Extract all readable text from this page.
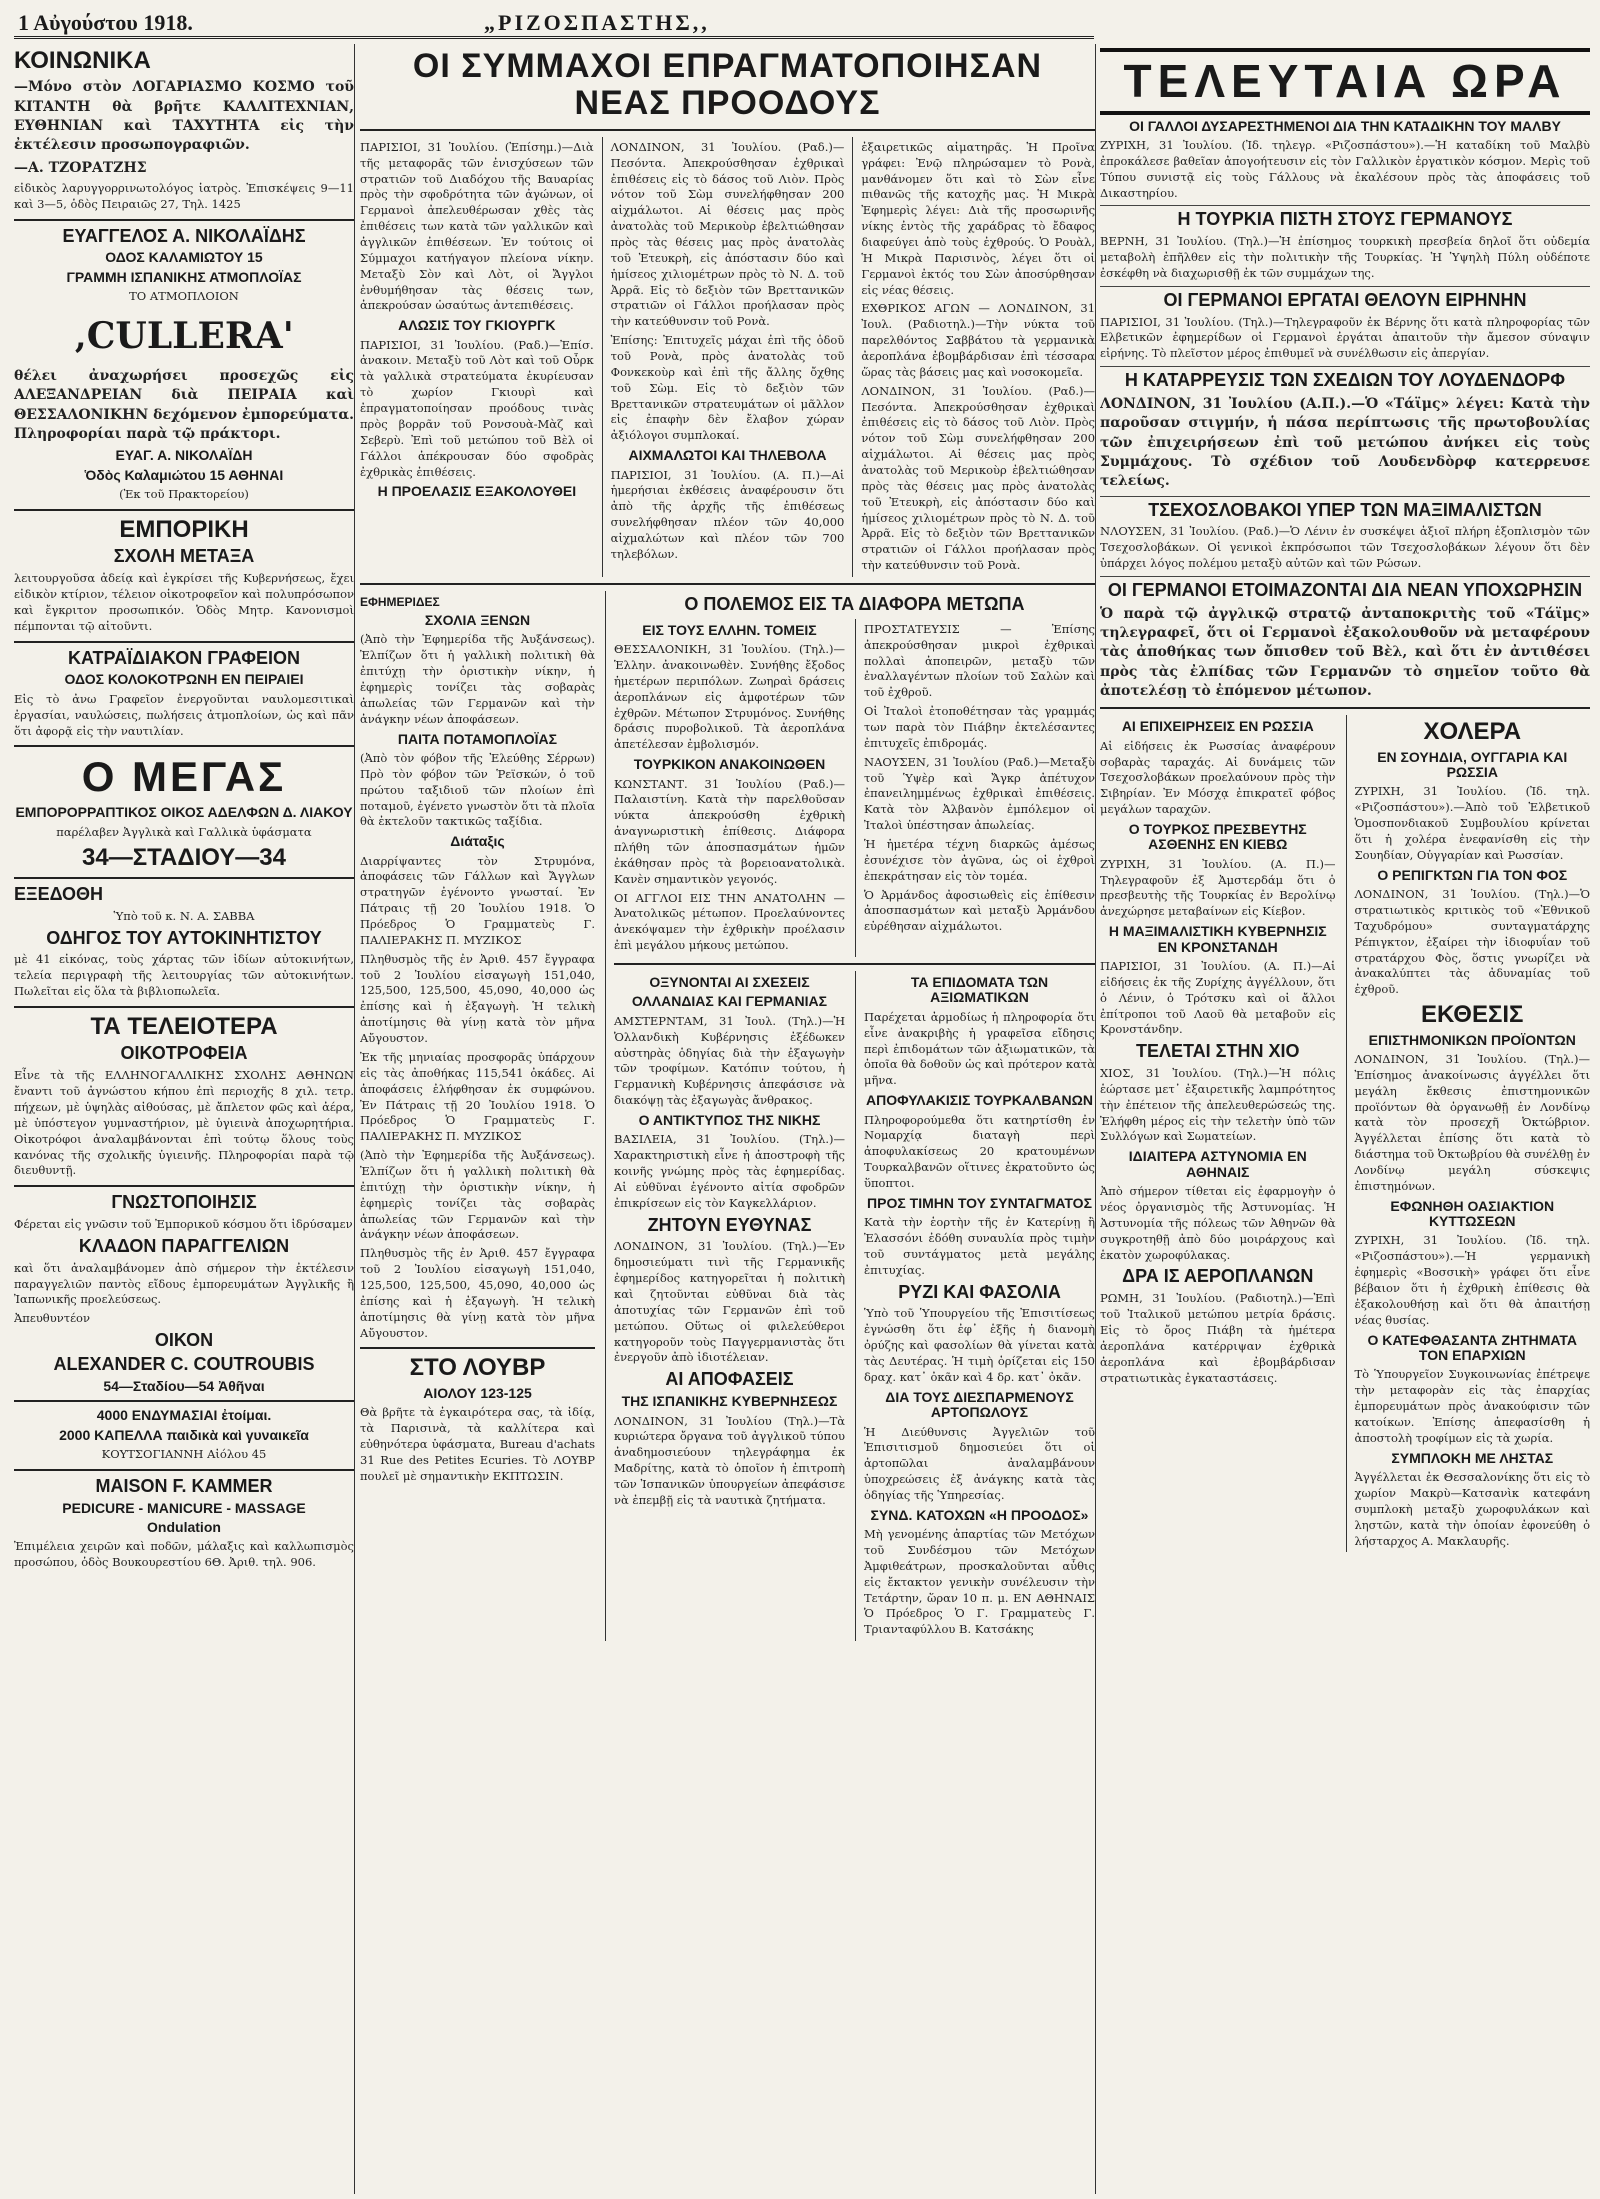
1 Αὐγούστου 1918.	„ΡΙΖΟΣΠΑΣΤΗΣ,,
ΚΟΙΝΩΝΙΚΑ
—Μόνο στὸν ΛΟΓΑΡΙΑΣΜΟ ΚΟΣΜΟ τοῦ ΚΙΤΑΝΤΗ θὰ βρῆτε ΚΑΛΛΙΤΕΧΝΙΑΝ, ΕΥΘΗΝΙΑΝ καὶ ΤΑΧΥΤΗΤΑ εἰς τὴν ἐκτέλεσιν προσωπογραφιῶν.
—Α. ΤΖΟΡΑΤΖΗΣ
εἰδικὸς λαρυγγορρινωτολόγος ἰατρὸς. Ἐπισκέψεις 9—11 καὶ 3—5, ὁδὸς Πειραιῶς 27, Τηλ. 1425
ΕΥΑΓΓΕΛΟΣ Α. ΝΙΚΟΛΑΪΔΗΣ
ΟΔΟΣ ΚΑΛΑΜΙΩΤΟΥ 15
ΓΡΑΜΜΗ ΙΣΠΑΝΙΚΗΣ ΑΤΜΟΠΛΟΪΑΣ
ΤΟ ΑΤΜΟΠΛΟΙΟΝ
‚CULLERA'
θέλει ἀναχωρήσει προσεχῶς εἰς ΑΛΕΞΑΝΔΡΕΙΑΝ διὰ ΠΕΙΡΑΙΑ καὶ ΘΕΣΣΑΛΟΝΙΚΗΝ δεχόμενον ἐμπορεύματα. Πληροφορίαι παρὰ τῷ πράκτορι.
ΕΥΑΓ. Α. ΝΙΚΟΛΑΪΔΗ
Ὁδὸς Καλαμιώτου 15 ΑΘΗΝΑΙ
(Ἐκ τοῦ Πρακτορείου)
ΕΜΠΟΡΙΚΗ
ΣΧΟΛΗ ΜΕΤΑΞΑ
λειτουργοῦσα ἀδείᾳ καὶ ἐγκρίσει τῆς Κυβερνήσεως, ἔχει εἰδικὸν κτίριον, τέλειον οἰκοτροφεῖον καὶ πολυπρόσωπον καὶ ἔγκριτον προσωπικόν. Ὁδὸς Μητρ. Κανονισμοὶ πέμπονται τῷ αἰτοῦντι.
ΚΑΤΡΑΪΔΙΑΚΟΝ ΓΡΑΦΕΙΟΝ
ΟΔΟΣ ΚΟΛΟΚΟΤΡΩΝΗ ΕΝ ΠΕΙΡΑΙΕΙ
Εἰς τὸ ἀνω Γραφεῖον ἐνεργοῦνται ναυλομεσιτικαὶ ἐργασίαι, ναυλώσεις, πωλήσεις ἀτμοπλοίων, ὡς καὶ πᾶν ὅτι ἀφορᾷ εἰς τὴν ναυτιλίαν.
Ο ΜΕΓΑΣ
ΕΜΠΟΡΟΡΡΑΠΤΙΚΟΣ ΟΙΚΟΣ ΑΔΕΛΦΩΝ Δ. ΛΙΑΚΟΥ
παρέλαβεν Ἀγγλικὰ καὶ Γαλλικὰ ὑφάσματα
34—ΣΤΑΔΙΟΥ—34
ΕΞΕΔΟΘΗ
Ὑπὸ τοῦ κ. Ν. Α. ΣΑΒΒΑ
ΟΔΗΓΟΣ ΤΟΥ ΑΥΤΟΚΙΝΗΤΙΣΤΟΥ
μὲ 41 εἰκόνας, τοὺς χάρτας τῶν ἰδίων αὐτοκινήτων, τελεία περιγραφὴ τῆς λειτουργίας τῶν αὐτοκινήτων. Πωλεῖται εἰς ὅλα τὰ βιβλιοπωλεῖα.
ΤΑ ΤΕΛΕΙΟΤΕΡΑ
ΟΙΚΟΤΡΟΦΕΙΑ
Εἶνε τὰ τῆς ΕΛΛΗΝΟΓΑΛΛΙΚΗΣ ΣΧΟΛΗΣ ΑΘΗΝΩΝ ἔναντι τοῦ ἀγνώστου κήπου ἐπὶ περιοχῆς 8 χιλ. τετρ. πήχεων, μὲ ὑψηλὰς αἰθούσας, μὲ ἄπλετον φῶς καὶ ἀέρα, μὲ ὑπόστεγον γυμναστήριον, μὲ ὑγιεινὰ ἀποχωρητήρια. Οἰκοτρόφοι ἀναλαμβάνονται ἐπὶ τούτῳ ὅλους τοὺς κανόνας τῆς σχολικῆς ὑγιεινῆς. Πληροφορίαι παρὰ τῷ διευθυντῇ.
ΓΝΩΣΤΟΠΟΙΗΣΙΣ
Φέρεται εἰς γνῶσιν τοῦ Ἐμπορικοῦ κόσμου ὅτι ἱδρύσαμεν
ΚΛΑΔΟΝ ΠΑΡΑΓΓΕΛΙΩΝ
καὶ ὅτι ἀναλαμβάνομεν ἀπὸ σήμερον τὴν ἐκτέλεσιν παραγγελιῶν παντὸς εἴδους ἐμπορευμάτων Ἀγγλικῆς ἢ Ἰαπωνικῆς προελεύσεως.
Ἀπευθυντέον
ΟΙΚΟΝ
ALEXANDER C. COUTROUBIS
54—Σταδίου—54 Ἀθῆναι
4000 ΕΝΔΥΜΑΣΙΑΙ ἐτοίμαι.
2000 ΚΑΠΕΛΛΑ παιδικὰ καὶ γυναικεῖα
ΚΟΥΤΣΟΓΙΑΝΝΗ Αἰόλου 45
MAISON F. KAMMER
PEDICURE - MANICURE - MASSAGE
Ondulation
Ἐπιμέλεια χειρῶν καὶ ποδῶν, μάλαξις καὶ καλλωπισμὸς προσώπου, ὁδὸς Βουκουρεστίου 6Θ. Ἀριθ. τηλ. 906.
ΟΙ ΣΥΜΜΑΧΟΙ ΕΠΡΑΓΜΑΤΟΠΟΙΗΣΑΝ ΝΕΑΣ ΠΡΟΟΔΟΥΣ
ΠΑΡΙΣΙΟΙ, 31 Ἰουλίου. (Ἐπίσημ.)—Διὰ τῆς μεταφορᾶς τῶν ἐνισχύσεων τῶν στρατιῶν τοῦ Διαδόχου τῆς Βαυαρίας πρὸς τὴν σφοδρότητα τῶν ἀγώνων, οἱ Γερμανοὶ ἀπελευθέρωσαν χθὲς τὰς ἐπιθέσεις των κατὰ τῶν γαλλικῶν καὶ ἀγγλικῶν ἐπιθέσεων. Ἐν τούτοις οἱ Σύμμαχοι κατήγαγον πλείονα νίκην. Μεταξὺ Σὸν καὶ Λὸτ, οἱ Ἄγγλοι ἐνθυμήθησαν τὰς θέσεις των, ἀπεκρούσαν ὡσαύτως ἀντεπιθέσεις.
ΑΛΩΣΙΣ ΤΟΥ ΓΚΙΟΥΡΓΚ
ΠΑΡΙΣΙΟΙ, 31 Ἰουλίου. (Ραδ.)—Ἐπίσ. ἀνακοιν. Μεταξὺ τοῦ Λὸτ καὶ τοῦ Οὖρκ τὰ γαλλικὰ στρατεύματα ἐκυρίευσαν τὸ χωρίον Γκιουρὶ καὶ ἐπραγματοποίησαν προόδους τινὰς πρὸς βορρᾶν τοῦ Ρονσουὰ-Μὰζ καὶ Σεβερὺ. Ἐπὶ τοῦ μετώπου τοῦ Βὲλ οἱ Γάλλοι ἀπέκρουσαν δύο σφοδρὰς ἐχθρικὰς ἐπιθέσεις.
Η ΠΡΟΕΛΑΣΙΣ ΕΞΑΚΟΛΟΥΘΕΙ
ΛΟΝΔΙΝΟΝ, 31 Ἰουλίου. (Ραδ.)—Πεσόντα. Ἀπεκρούσθησαν ἐχθρικαὶ ἐπιθέσεις εἰς τὸ δάσος τοῦ Λιὸν. Πρὸς νότον τοῦ Σὼμ συνελήφθησαν 200 αἰχμάλωτοι. Αἱ θέσεις μας πρὸς ἀνατολὰς τοῦ Μερικοὺρ ἐβελτιώθησαν πρὸς τὰς θέσεις μας πρὸς ἀνατολὰς τοῦ Ἐτευκρὴ, εἰς ἀπόστασιν δύο καὶ ἡμίσεος χιλιομέτρων πρὸς τὸ Ν. Δ. τοῦ Ἀρρᾶ. Εἰς τὸ δεξιὸν τῶν Βρεττανικῶν στρατιῶν οἱ Γάλλοι προήλασαν πρὸς τὴν κατεύθυνσιν τοῦ Ρονὰ.
Ἐπίσης: Ἐπιτυχεῖς μάχαι ἐπὶ τῆς ὁδοῦ τοῦ Ρονὰ, πρὸς ἀνατολὰς τοῦ Φονκεκοὺρ καὶ ἐπὶ τῆς ἄλλης ὄχθης τοῦ Σὼμ. Εἰς τὸ δεξιὸν τῶν Βρεττανικῶν στρατευμάτων οἱ μᾶλλον εἰς ἐπαφὴν δὲν ἔλαβον χώραν ἀξιόλογοι συμπλοκαί.
ΑΙΧΜΑΛΩΤΟΙ ΚΑΙ ΤΗΛΕΒΟΛΑ
ΠΑΡΙΣΙΟΙ, 31 Ἰουλίου. (Α. Π.)—Αἱ ἡμερήσιαι ἐκθέσεις ἀναφέρουσιν ὅτι ἀπὸ τῆς ἀρχῆς τῆς ἐπιθέσεως συνελήφθησαν πλέον τῶν 40,000 αἰχμαλώτων καὶ πλέον τῶν 700 τηλεβόλων.
ἐξαιρετικῶς αἱματηρᾶς. Ἡ Προῖνα γράφει: Ἐνῷ πληρώσαμεν τὸ Ρονὰ, μανθάνομεν ὅτι καὶ τὸ Σὼν εἶνε πιθανῶς τῆς κατοχῆς μας. Ἡ Μικρὰ Ἐφημερὶς λέγει: Διὰ τῆς προσωρινῆς νίκης ἐντὸς τῆς χαράδρας τὸ ἔδαφος διαφεύγει ἀπὸ τοὺς ἐχθρούς. Ὁ Ρουὰλ, Ἡ Μικρὰ Παρισινὸς, λέγει ὅτι οἱ Γερμανοὶ ἐκτός του Σὼν ἀποσύρθησαν εἰς νέας θέσεις.
ΕΧΘΡΙΚΟΣ ΑΓΩΝ — ΛΟΝΔΙΝΟΝ, 31 Ἰουλ. (Ραδιοτηλ.)—Τὴν νύκτα τοῦ παρελθόντος Σαββάτου τὰ γερμανικὰ ἀεροπλάνα ἐβομβάρδισαν ἐπὶ τέσσαρα ὥρας τὰς βάσεις μας καὶ νοσοκομεῖα.
ΛΟΝΔΙΝΟΝ, 31 Ἰουλίου. (Ραδ.)—Πεσόντα. Ἀπεκρούσθησαν ἐχθρικαὶ ἐπιθέσεις εἰς τὸ δάσος τοῦ Λιὸν. Πρὸς νότον τοῦ Σὼμ συνελήφθησαν 200 αἰχμάλωτοι. Αἱ θέσεις μας πρὸς ἀνατολὰς τοῦ Μερικοὺρ ἐβελτιώθησαν πρὸς τὰς θέσεις μας πρὸς ἀνατολὰς τοῦ Ἐτευκρὴ, εἰς ἀπόστασιν δύο καὶ ἡμίσεος χιλιομέτρων πρὸς τὸ Ν. Δ. τοῦ Ἀρρᾶ. Εἰς τὸ δεξιὸν τῶν Βρεττανικῶν στρατιῶν οἱ Γάλλοι προήλασαν πρὸς τὴν κατεύθυνσιν τοῦ Ρονὰ.
ΕΦΗΜΕΡΙΔΕΣ
ΣΧΟΛΙΑ ΞΕΝΩΝ
(Ἀπὸ τὴν Ἐφημερίδα τῆς Ἀυξάνσεως). Ἐλπίζων ὅτι ἡ γαλλικὴ πολιτικὴ θὰ ἐπιτύχῃ τὴν ὁριστικὴν νίκην, ἡ ἐφημερὶς τονίζει τὰς σοβαρὰς ἀπωλείας τῶν Γερμανῶν καὶ τὴν ἀνάγκην νέων ἀποφάσεων.
ΠΑΙΤΑ ΠΟΤΑΜΟΠΛΟΪΑΣ
(Ἀπὸ τὸν φόβον τῆς Ἐλεύθης Σέρρων) Πρὸ τὸν φόβον τῶν Ῥεϊσκών, ὁ τοῦ πρώτου ταξιδιοῦ τῶν πλοίων ἐπὶ ποταμοῦ, ἐγένετο γνωστὸν ὅτι τὰ πλοῖα θὰ ἐκτελοῦν τακτικῶς ταξίδια.
Διάταξις
Διαρρίψαντες τὸν Στρυμόνα, ἀποφάσεις τῶν Γάλλων καὶ Ἄγγλων στρατηγῶν ἐγένοντο γνωσταί. Ἐν Πάτραις τῇ 20 Ἰουλίου 1918. Ὁ Πρόεδρος Ὁ Γραμματεὺς Γ. ΠΑΛΙΕΡΑΚΗΣ Π. ΜΥΖΙΚΟΣ
Πληθυσμὸς τῆς ἐν Ἀριθ. 457 ἔγγραφα τοῦ 2 Ἰουλίου εἰσαγωγὴ 151,040, 125,500, 125,500, 45,090, 40,000 ὡς ἐπίσης καὶ ἡ ἐξαγωγὴ. Ἡ τελικὴ ἀποτίμησις θὰ γίνῃ κατὰ τὸν μῆνα Αὔγουστον.
Ἐκ τῆς μηνιαίας προσφορᾶς ὑπάρχουν εἰς τὰς ἀποθήκας 115,541 ὀκάδες. Αἱ ἀποφάσεις ἐλήφθησαν ἐκ συμφώνου. Ἐν Πάτραις τῇ 20 Ἰουλίου 1918. Ὁ Πρόεδρος Ὁ Γραμματεὺς Γ. ΠΑΛΙΕΡΑΚΗΣ Π. ΜΥΖΙΚΟΣ
(Ἀπὸ τὴν Ἐφημερίδα τῆς Ἀυξάνσεως). Ἐλπίζων ὅτι ἡ γαλλικὴ πολιτικὴ θὰ ἐπιτύχῃ τὴν ὁριστικὴν νίκην, ἡ ἐφημερὶς τονίζει τὰς σοβαρὰς ἀπωλείας τῶν Γερμανῶν καὶ τὴν ἀνάγκην νέων ἀποφάσεων.
Πληθυσμὸς τῆς ἐν Ἀριθ. 457 ἔγγραφα τοῦ 2 Ἰουλίου εἰσαγωγὴ 151,040, 125,500, 125,500, 45,090, 40,000 ὡς ἐπίσης καὶ ἡ ἐξαγωγὴ. Ἡ τελικὴ ἀποτίμησις θὰ γίνῃ κατὰ τὸν μῆνα Αὔγουστον.
ΣΤΟ ΛΟΥΒΡ
ΑΙΟΛΟΥ 123-125
Θὰ βρῆτε τὰ ἐγκαιρότερα σας, τὰ ἰδίᾳ, τὰ Παρισινὰ, τὰ καλλίτερα καὶ εὐθηνότερα ὑφάσματα, Bureau d'achats 31 Rue des Petites Ecuries. Τὸ ΛΟΥΒΡ πουλεῖ μὲ σημαντικὴν ΕΚΠΤΩΣΙΝ.
Ο ΠΟΛΕΜΟΣ ΕΙΣ ΤΑ ΔΙΑΦΟΡΑ ΜΕΤΩΠΑ
ΕΙΣ ΤΟΥΣ ΕΛΛΗΝ. ΤΟΜΕΙΣ
ΘΕΣΣΑΛΟΝΙΚΗ, 31 Ἰουλίου. (Τηλ.)—Ἑλλην. ἀνακοινωθὲν. Συνήθης ἔξοδος ἡμετέρων περιπόλων. Ζωηραὶ δράσεις ἀεροπλάνων εἰς ἀμφοτέρων τῶν ἐχθρῶν. Μέτωπον Στρυμόνος. Συνήθης δράσις πυροβολικοῦ. Τὰ ἀεροπλάνα ἀπετέλεσαν ἐμβολισμόν.
ΤΟΥΡΚΙΚΟΝ ΑΝΑΚΟΙΝΩΘΕΝ
ΚΩΝΣΤΑΝΤ. 31 Ἰουλίου (Ραδ.)—Παλαιστίνη. Κατὰ τὴν παρελθοῦσαν νύκτα ἀπεκρούσθη ἐχθρικὴ ἀναγνωριστικὴ ἐπίθεσις. Διάφορα πλήθη τῶν ἀποσπασμάτων ἡμῶν ἐκάθησαν πρὸς τὰ βορειοανατολικὰ. Κανὲν σημαντικὸν γεγονός.
ΟΙ ΑΓΓΛΟΙ ΕΙΣ ΤΗΝ ΑΝΑΤΟΛΗΝ — Ἀνατολικῶς μέτωπον. Προελαύνοντες ἀνεκόψαμεν τὴν ἐχθρικὴν προέλασιν ἐπὶ μεγάλου μήκους μετώπου.
ΠΡΟΣΤΑΤΕΥΣΙΣ — Ἐπίσης ἀπεκρούσθησαν μικροὶ ἐχθρικαὶ πολλαὶ ἀποπειρῶν, μεταξὺ τῶν ἐναλλαγέντων πλοίων τοῦ Σαλὼν καὶ τοῦ ἐχθροῦ.
Οἱ Ἰταλοὶ ἐτοποθέτησαν τὰς γραμμάς των παρὰ τὸν Πιάβην ἐκτελέσαντες ἐπιτυχεῖς ἐπιδρομάς.
ΝΑΟΥΣΕΝ, 31 Ἰουλίου (Ραδ.)—Μεταξὺ τοῦ Ὑψὲρ καὶ Ἄγκρ ἀπέτυχον ἐπανειλημμένως ἐχθρικαὶ ἐπιθέσεις. Κατὰ τὸν Ἀλβανὸν ἐμπόλεμον οἱ Ἰταλοὶ ὑπέστησαν ἀπωλείας.
Ἡ ἡμετέρα τέχνη διαρκῶς ἀμέσως ἐσυνέχισε τὸν ἀγῶνα, ὡς οἱ ἐχθροὶ ἐπεκράτησαν εἰς τὸν τομέα.
Ὁ Ἀρμάνδος ἀφοσιωθεὶς εἰς ἐπίθεσιν ἀποσπασμάτων καὶ μεταξὺ Ἀρμάνδου εὑρέθησαν αἰχμάλωτοι.
ΟΞΥΝΟΝΤΑΙ ΑΙ ΣΧΕΣΕΙΣ
ΟΛΛΑΝΔΙΑΣ ΚΑΙ ΓΕΡΜΑΝΙΑΣ
ΑΜΣΤΕΡΝΤΑΜ, 31 Ἰουλ. (Τηλ.)—Ἡ Ὁλλανδικὴ Κυβέρνησις ἐξέδωκεν αὐστηρὰς ὁδηγίας διὰ τὴν ἐξαγωγὴν τῶν τροφίμων. Κατόπιν τούτου, ἡ Γερμανικὴ Κυβέρνησις ἀπεφάσισε νὰ διακόψῃ τὰς ἐξαγωγὰς ἄνθρακος.
Ο ΑΝΤΙΚΤΥΠΟΣ ΤΗΣ ΝΙΚΗΣ
ΒΑΣΙΛΕΙΑ, 31 Ἰουλίου. (Τηλ.)—Χαρακτηριστικὴ εἶνε ἡ ἀποστροφὴ τῆς κοινῆς γνώμης πρὸς τὰς ἐφημερίδας. Αἱ εὐθῦναι ἐγένοντο αἰτία σφοδρῶν ἐπικρίσεων εἰς τὸν Καγκελλάριον.
ΖΗΤΟΥΝ ΕΥΘΥΝΑΣ
ΛΟΝΔΙΝΟΝ, 31 Ἰουλίου. (Τηλ.)—Ἐν δημοσιεύματι τινὶ τῆς Γερμανικῆς ἐφημερίδος κατηγορεῖται ἡ πολιτικὴ καὶ ζητοῦνται εὐθῦναι διὰ τὰς ἀποτυχίας τῶν Γερμανῶν ἐπὶ τοῦ μετώπου. Οὕτως οἱ φιλελεύθεροι κατηγοροῦν τοὺς Παγγερμανιστὰς ὅτι ἐνεργοῦν ἀπὸ ἰδιοτέλειαν.
ΑΙ ΑΠΟΦΑΣΕΙΣ
ΤΗΣ ΙΣΠΑΝΙΚΗΣ ΚΥΒΕΡΝΗΣΕΩΣ
ΛΟΝΔΙΝΟΝ, 31 Ἰουλίου (Τηλ.)—Τὰ κυριώτερα ὄργανα τοῦ ἀγγλικοῦ τύπου ἀναδημοσιεύουν τηλεγράφημα ἐκ Μαδρίτης, κατὰ τὸ ὁποῖον ἡ ἐπιτροπὴ τῶν Ἰσπανικῶν ὑπουργείων ἀπεφάσισε νὰ ἐπεμβῇ εἰς τὰ ναυτικὰ ζητήματα.
ΤΑ ΕΠΙΔΟΜΑΤΑ ΤΩΝ ΑΞΙΩΜΑΤΙΚΩΝ
Παρέχεται ἀρμοδίως ἡ πληροφορία ὅτι εἶνε ἀνακριβὴς ἡ γραφεῖσα εἴδησις περὶ ἐπιδομάτων τῶν ἀξιωματικῶν, τὰ ὁποῖα θὰ δοθοῦν ὡς καὶ πρότερον κατὰ μῆνα.
ΑΠΟΦΥΛΑΚΙΣΙΣ ΤΟΥΡΚΑΛΒΑΝΩΝ
Πληροφορούμεθα ὅτι κατηρτίσθη ἐν Νομαρχίᾳ διαταγὴ περὶ ἀποφυλακίσεως 20 κρατουμένων Τουρκαλβανῶν οἵτινες ἐκρατοῦντο ὡς ὕποπτοι.
ΠΡΟΣ ΤΙΜΗΝ ΤΟΥ ΣΥΝΤΑΓΜΑΤΟΣ
Κατὰ τὴν ἑορτὴν τῆς ἐν Κατερίνῃ ἢ Ἐλασσόνι ἐδόθη συναυλία πρὸς τιμὴν τοῦ συντάγματος μετὰ μεγάλης ἐπιτυχίας.
ΡΥΖΙ ΚΑΙ ΦΑΣΟΛΙΑ
Ὑπὸ τοῦ Ὑπουργείου τῆς Ἐπισιτίσεως ἐγνώσθη ὅτι ἐφ᾽ ἑξῆς ἡ διανομὴ ὀρύζης καὶ φασολίων θὰ γίνεται κατὰ τὰς Δευτέρας. Ἡ τιμὴ ὁρίζεται εἰς 150 δραχ. κατ᾽ ὀκᾶν καὶ 4 δρ. κατ᾽ ὀκᾶν.
ΔΙΑ ΤΟΥΣ ΔΙΕΣΠΑΡΜΕΝΟΥΣ ΑΡΤΟΠΩΛΟΥΣ
Ἡ Διεύθυνσις Ἀγγελιῶν τοῦ Ἐπισιτισμοῦ δημοσιεύει ὅτι οἱ ἀρτοπῶλαι ἀναλαμβάνουν ὑποχρεώσεις ἐξ ἀνάγκης κατὰ τὰς ὁδηγίας τῆς Ὑπηρεσίας.
ΣΥΝΔ. ΚΑΤΟΧΩΝ «Η ΠΡΟΟΔΟΣ»
Μὴ γενομένης ἀπαρτίας τῶν Μετόχων τοῦ Συνδέσμου τῶν Μετόχων Ἀμφιθεάτρων, προσκαλοῦνται αὖθις εἰς ἔκτακτον γενικὴν συνέλευσιν τὴν Τετάρτην, ὥραν 10 π. μ. ΕΝ ΑΘΗΝΑΙΣ Ὁ Πρόεδρος Ὁ Γ. Γραμματεὺς Γ. Τριανταφύλλου Β. Κατσάκης
ΤΕΛΕΥΤΑΙΑ ΩΡΑ
ΟΙ ΓΑΛΛΟΙ ΔΥΣΑΡΕΣΤΗΜΕΝΟΙ ΔΙΑ ΤΗΝ ΚΑΤΑΔΙΚΗΝ ΤΟΥ ΜΑΛΒΥ
ΖΥΡΙΧΗ, 31 Ἰουλίου. (Ἰδ. τηλεγρ. «Ριζοσπάστου»).—Ἡ καταδίκη τοῦ Μαλβὺ ἐπροκάλεσε βαθεῖαν ἀπογοήτευσιν εἰς τὸν Γαλλικὸν ἐργατικὸν κόσμον. Μερὶς τοῦ Τύπου συνιστᾷ εἰς τοὺς Γάλλους νὰ ἐκαλέσουν πρὸς τὰς ἀποφάσεις τοῦ Δικαστηρίου.
Η ΤΟΥΡΚΙΑ ΠΙΣΤΗ ΣΤΟΥΣ ΓΕΡΜΑΝΟΥΣ
ΒΕΡΝΗ, 31 Ἰουλίου. (Τηλ.)—Ἡ ἐπίσημος τουρκικὴ πρεσβεία δηλοῖ ὅτι οὐδεμία μεταβολὴ ἐπῆλθεν εἰς τὴν πολιτικὴν τῆς Τουρκίας. Ἡ Ὑψηλὴ Πύλη οὐδέποτε ἐσκέφθη νὰ διαχωρισθῇ ἐκ τῶν συμμάχων της.
ΟΙ ΓΕΡΜΑΝΟΙ ΕΡΓΑΤΑΙ ΘΕΛΟΥΝ ΕΙΡΗΝΗΝ
ΠΑΡΙΣΙΟΙ, 31 Ἰουλίου. (Τηλ.)—Τηλεγραφοῦν ἐκ Βέρνης ὅτι κατὰ πληροφορίας τῶν Ελβετικῶν ἐφημερίδων οἱ Γερμανοὶ ἐργάται ἀπαιτοῦν τὴν ἄμεσον σύναψιν εἰρήνης. Τὸ πλεῖστον μέρος ἐπιθυμεῖ νὰ συνέλθωσιν εἰς ἀπεργίαν.
Η ΚΑΤΑΡΡΕΥΣΙΣ ΤΩΝ ΣΧΕΔΙΩΝ ΤΟΥ ΛΟΥΔΕΝΔΟΡΦ
ΛΟΝΔΙΝΟΝ, 31 Ἰουλίου (Α.Π.).—Ὁ «Τάϊμς» λέγει: Κατὰ τὴν παροῦσαν στιγμήν, ἡ πάσα περίπτωσις τῆς πρωτοβουλίας τῶν ἐπιχειρήσεων ἐπὶ τοῦ μετώπου ἀνήκει εἰς τοὺς Συμμάχους. Τὸ σχέδιον τοῦ Λουδενδὸρφ κατερρευσε τελείως.
ΤΣΕΧΟΣΛΟΒΑΚΟΙ ΥΠΕΡ ΤΩΝ ΜΑΞΙΜΑΛΙΣΤΩΝ
ΝΛΟΥΣΕΝ, 31 Ἰουλίου. (Ραδ.)—Ὁ Λένιν ἐν συσκέψει ἀξιοῖ πλήρη ἐξοπλισμὸν τῶν Τσεχοσλοβάκων. Οἱ γενικοὶ ἐκπρόσωποι τῶν Τσεχοσλοβάκων λέγουν ὅτι δὲν ὑπάρχει λόγος πολέμου μεταξὺ αὐτῶν καὶ τῶν Ρώσων.
ΟΙ ΓΕΡΜΑΝΟΙ ΕΤΟΙΜΑΖΟΝΤΑΙ ΔΙΑ ΝΕΑΝ ΥΠΟΧΩΡΗΣΙΝ
Ὁ παρὰ τῷ ἀγγλικῷ στρατῷ ἀνταποκριτὴς τοῦ «Τάϊμς» τηλεγραφεῖ, ὅτι οἱ Γερμανοὶ ἐξακολουθοῦν νὰ μεταφέρουν τὰς ἀποθήκας των ὄπισθεν τοῦ Βὲλ, καὶ ὅτι ἐν ἀντιθέσει πρὸς τὰς ἐλπίδας τῶν Γερμανῶν τὸ σημεῖον τοῦτο θὰ ἀποτελέσῃ τὸ ἐπόμενον μέτωπον.
ΑΙ ΕΠΙΧΕΙΡΗΣΕΙΣ ΕΝ ΡΩΣΣΙΑ
Αἱ εἰδήσεις ἐκ Ρωσσίας ἀναφέρουν σοβαρὰς ταραχάς. Αἱ δυνάμεις τῶν Τσεχοσλοβάκων προελαύνουν πρὸς τὴν Σιβηρίαν. Ἐν Μόσχᾳ ἐπικρατεῖ φόβος μεγάλων ταραχῶν.
Ο ΤΟΥΡΚΟΣ ΠΡΕΣΒΕΥΤΗΣ ΑΣΘΕΝΗΣ ΕΝ ΚΙΕΒΩ
ΖΥΡΙΧΗ, 31 Ἰουλίου. (Α. Π.)—Τηλεγραφοῦν ἐξ Ἀμστερδάμ ὅτι ὁ πρεσβευτὴς τῆς Τουρκίας ἐν Βερολίνῳ ἀνεχώρησε μεταβαίνων εἰς Κίεβον.
Η ΜΑΞΙΜΑΛΙΣΤΙΚΗ ΚΥΒΕΡΝΗΣΙΣ ΕΝ ΚΡΟΝΣΤΑΝΔΗ
ΠΑΡΙΣΙΟΙ, 31 Ἰουλίου. (Α. Π.)—Αἱ εἰδήσεις ἐκ τῆς Ζυρίχης ἀγγέλλουν, ὅτι ὁ Λένιν, ὁ Τρότσκυ καὶ οἱ ἄλλοι ἐπίτροποι τοῦ Λαοῦ θὰ μεταβοῦν εἰς Κρονστάνδην.
ΤΕΛΕΤΑΙ ΣΤΗΝ ΧΙΟ
ΧΙΟΣ, 31 Ἰουλίου. (Τηλ.)—Ἡ πόλις ἑώρτασε μετ᾽ ἐξαιρετικῆς λαμπρότητος τὴν ἐπέτειον τῆς ἀπελευθερώσεώς της. Ἐλήφθη μέρος εἰς τὴν τελετὴν ὑπὸ τῶν Συλλόγων καὶ Σωματείων.
ΙΔΙΑΙΤΕΡΑ ΑΣΤΥΝΟΜΙΑ ΕΝ ΑΘΗΝΑΙΣ
Ἀπὸ σήμερον τίθεται εἰς ἐφαρμογὴν ὁ νέος ὀργανισμὸς τῆς Ἀστυνομίας. Ἡ Ἀστυνομία τῆς πόλεως τῶν Ἀθηνῶν θὰ συγκροτηθῇ ἀπὸ δύο μοιράρχους καὶ ἑκατὸν χωροφύλακας.
ΔΡΑ ΙΣ ΑΕΡΟΠΛΑΝΩΝ
ΡΩΜΗ, 31 Ἰουλίου. (Ραδιοτηλ.)—Ἐπὶ τοῦ Ἰταλικοῦ μετώπου μετρία δράσις. Εἰς τὸ ὄρος Πιάβη τὰ ἡμέτερα ἀεροπλάνα κατέρριψαν ἐχθρικὰ ἀεροπλάνα καὶ ἐβομβάρδισαν στρατιωτικὰς ἐγκαταστάσεις.
ΧΟΛΕΡΑ
ΕΝ ΣΟΥΗΔΙΑ, ΟΥΓΓΑΡΙΑ ΚΑΙ ΡΩΣΣΙΑ
ΖΥΡΙΧΗ, 31 Ἰουλίου. (Ἰδ. τηλ. «Ριζοσπάστου»).—Ἀπὸ τοῦ Ἑλβετικοῦ Ὁμοσπονδιακοῦ Συμβουλίου κρίνεται ὅτι ἡ χολέρα ἐνεφανίσθη εἰς τὴν Σουηδίαν, Οὐγγαρίαν καὶ Ρωσσίαν.
Ο ΡΕΠΙΓΚΤΩΝ ΓΙΑ ΤΟΝ ΦΟΣ
ΛΟΝΔΙΝΟΝ, 31 Ἰουλίου. (Τηλ.)—Ὁ στρατιωτικὸς κριτικὸς τοῦ «Ἐθνικοῦ Ταχυδρόμου» συνταγματάρχης Ρέπιγκτον, ἐξαίρει τὴν ἰδιοφυΐαν τοῦ στρατάρχου Φὸς, ὅστις γνωρίζει νὰ ἀνακαλύπτει τὰς ἀδυναμίας τοῦ ἐχθροῦ.
ΕΚΘΕΣΙΣ
ΕΠΙΣΤΗΜΟΝΙΚΩΝ ΠΡΟΪΟΝΤΩΝ
ΛΟΝΔΙΝΟΝ, 31 Ἰουλίου. (Τηλ.)—Ἐπίσημος ἀνακοίνωσις ἀγγέλλει ὅτι μεγάλη ἔκθεσις ἐπιστημονικῶν προϊόντων θὰ ὀργανωθῇ ἐν Λονδίνῳ κατὰ τὸν προσεχῆ Ὀκτώβριον. Ἀγγέλλεται ἐπίσης ὅτι κατὰ τὸ διάστημα τοῦ Ὀκτωβρίου θὰ συνέλθῃ ἐν Λονδίνῳ μεγάλη σύσκεψις ἐπιστημόνων.
ΕΦΩΝΗΘΗ ΟΑΣΙΑΚΤΙΟΝ ΚΥΤΤΩΣΕΩΝ
ΖΥΡΙΧΗ, 31 Ἰουλίου. (Ἰδ. τηλ. «Ριζοσπάστου»).—Ἡ γερμανικὴ ἐφημερὶς «Βοσσικὴ» γράφει ὅτι εἶνε βέβαιον ὅτι ἡ ἐχθρικὴ ἐπίθεσις θὰ ἐξακολουθήσῃ καὶ ὅτι θὰ ἀπαιτήσῃ νέας θυσίας.
Ο ΚΑΤΕΦΘΑΣΑΝΤΑ ΖΗΤΗΜΑΤΑ ΤΟΝ ΕΠΑΡΧΙΩΝ
Τὸ Ὑπουργεῖον Συγκοινωνίας ἐπέτρεψε τὴν μεταφορὰν εἰς τὰς ἐπαρχίας ἐμπορευμάτων πρὸς ἀνακούφισιν τῶν κατοίκων. Ἐπίσης ἀπεφασίσθη ἡ ἀποστολὴ τροφίμων εἰς τὰ χωρία.
ΣΥΜΠΛΟΚΗ ΜΕ ΛΗΣΤΑΣ
Ἀγγέλλεται ἐκ Θεσσαλονίκης ὅτι εἰς τὸ χωρίον Μακρὺ—Κατσανὶκ κατεφάνη συμπλοκὴ μεταξὺ χωροφυλάκων καὶ ληστῶν, κατὰ τὴν ὁποίαν ἐφονεύθη ὁ λήσταρχος Α. Μακλαυρῆς.
